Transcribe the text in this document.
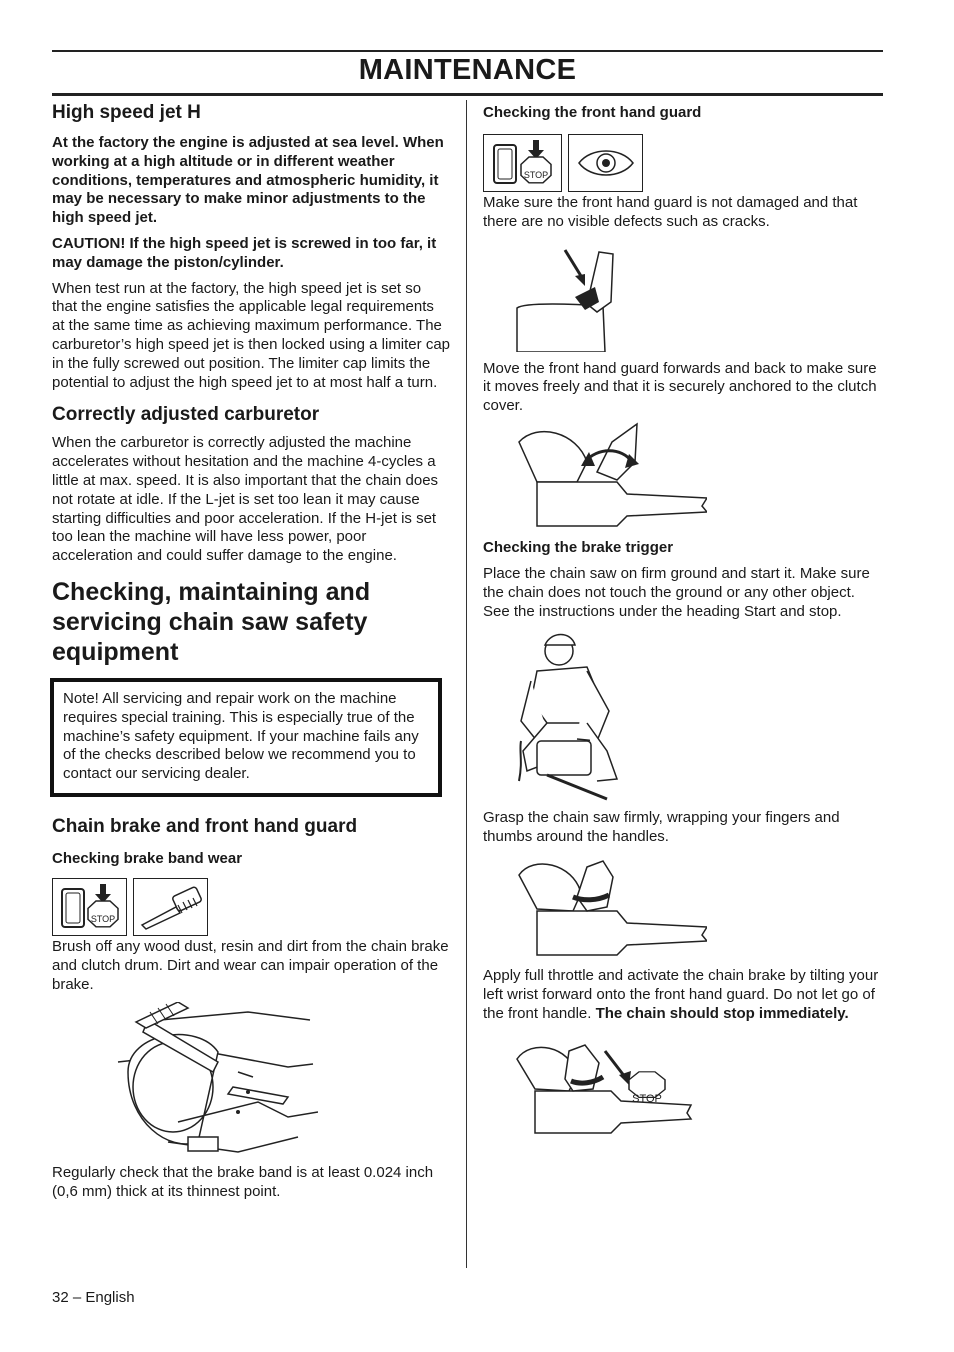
MAINTENANCE
High speed jet H

At the factory the engine is adjusted at sea level. When working at a high altitude or in different weather conditions, temperatures and atmospheric humidity, it may be necessary to make minor adjustments to the high speed jet.

CAUTION! If the high speed jet is screwed in too far, it may damage the piston/cylinder.

When test run at the factory, the high speed jet is set so that the engine satisfies the applicable legal requirements at the same time as achieving maximum performance. The carburetor’s high speed jet is then locked using a limiter cap in the fully screwed out position. The limiter cap limits the potential to adjust the high speed jet to at most half a turn.

Correctly adjusted carburetor

When the carburetor is correctly adjusted the machine accelerates without hesitation and the machine 4-cycles a little at max. speed. It is also important that the chain does not rotate at idle. If the L-jet is set too lean it may cause starting difficulties and poor acceleration. If the H-jet is set too lean the machine will have less power, poor acceleration and could suffer damage to the engine.

Checking, maintaining and servicing chain saw safety equipment

Note! All servicing and repair work on the machine requires special training. This is especially true of the machine’s safety equipment. If your machine fails any of the checks described below we recommend you to contact our servicing dealer.

Chain brake and front hand guard
Checking brake band wear
STOP

Brush off any wood dust, resin and dirt from the chain brake and clutch drum. Dirt and wear can impair operation of the brake.

Regularly check that the brake band is at least 0.024 inch (0,6 mm) thick at its thinnest point.

Checking the front hand guard
STOP

Make sure the front hand guard is not damaged and that there are no visible defects such as cracks.

Move the front hand guard forwards and back to make sure it moves freely and that it is securely anchored to the clutch cover.

Checking the brake trigger

Place the chain saw on firm ground and start it. Make sure the chain does not touch the ground or any other object. See the instructions under the heading Start and stop.

Grasp the chain saw firmly, wrapping your fingers and thumbs around the handles.

Apply full throttle and activate the chain brake by tilting your left wrist forward onto the front hand guard. Do not let go of the front handle. The chain should stop immediately.

STOP
32 – English
